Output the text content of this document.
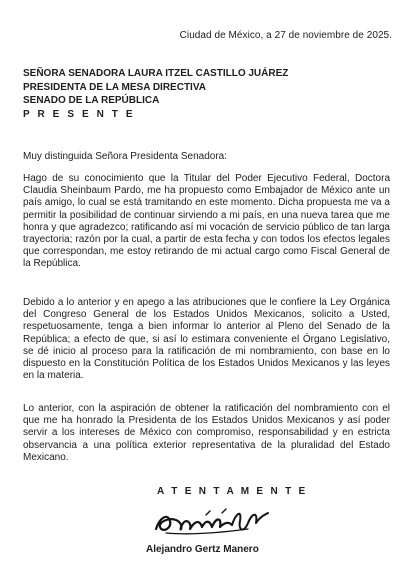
Ciudad de México, a 27 de noviembre de 2025.
SEÑORA SENADORA LAURA ITZEL CASTILLO JUÁREZ
PRESIDENTA DE LA MESA DIRECTIVA
SENADO DE LA REPÚBLICA
P R E S E N T E
Muy distinguida Señora Presidenta Senadora:

Hago de su conocimiento que la Titular del Poder Ejecutivo Federal, Doctora Claudia Sheinbaum Pardo, me ha propuesto como Embajador de México ante un país amigo, lo cual se está tramitando en este momento. Dicha propuesta me va a permitir la posibilidad de continuar sirviendo a mi país, en una nueva tarea que me honra y que agradezco; ratificando así mi vocación de servicio público de tan larga trayectoria; razón por la cual, a partir de esta fecha y con todos los efectos legales que correspondan, me estoy retirando de mi actual cargo como Fiscal General de la República.

Debido a lo anterior y en apego a las atribuciones que le confiere la Ley Orgánica del Congreso General de los Estados Unidos Mexicanos, solicito a Usted, respetuosamente, tenga a bien informar lo anterior al Pleno del Senado de la República; a efecto de que, si así lo estimara conveniente el Órgano Legislativo, se dé inicio al proceso para la ratificación de mi nombramiento, con base en lo dispuesto en la Constitución Política de los Estados Unidos Mexicanos y las leyes en la materia.

Lo anterior, con la aspiración de obtener la ratificación del nombramiento con el que me ha honrado la Presidenta de los Estados Unidos Mexicanos y así poder servir a los intereses de México con compromiso, responsabilidad y en estricta observancia a una política exterior representativa de la pluralidad del Estado Mexicano.

A T E N T A M E N T E
Alejandro Gertz Manero
